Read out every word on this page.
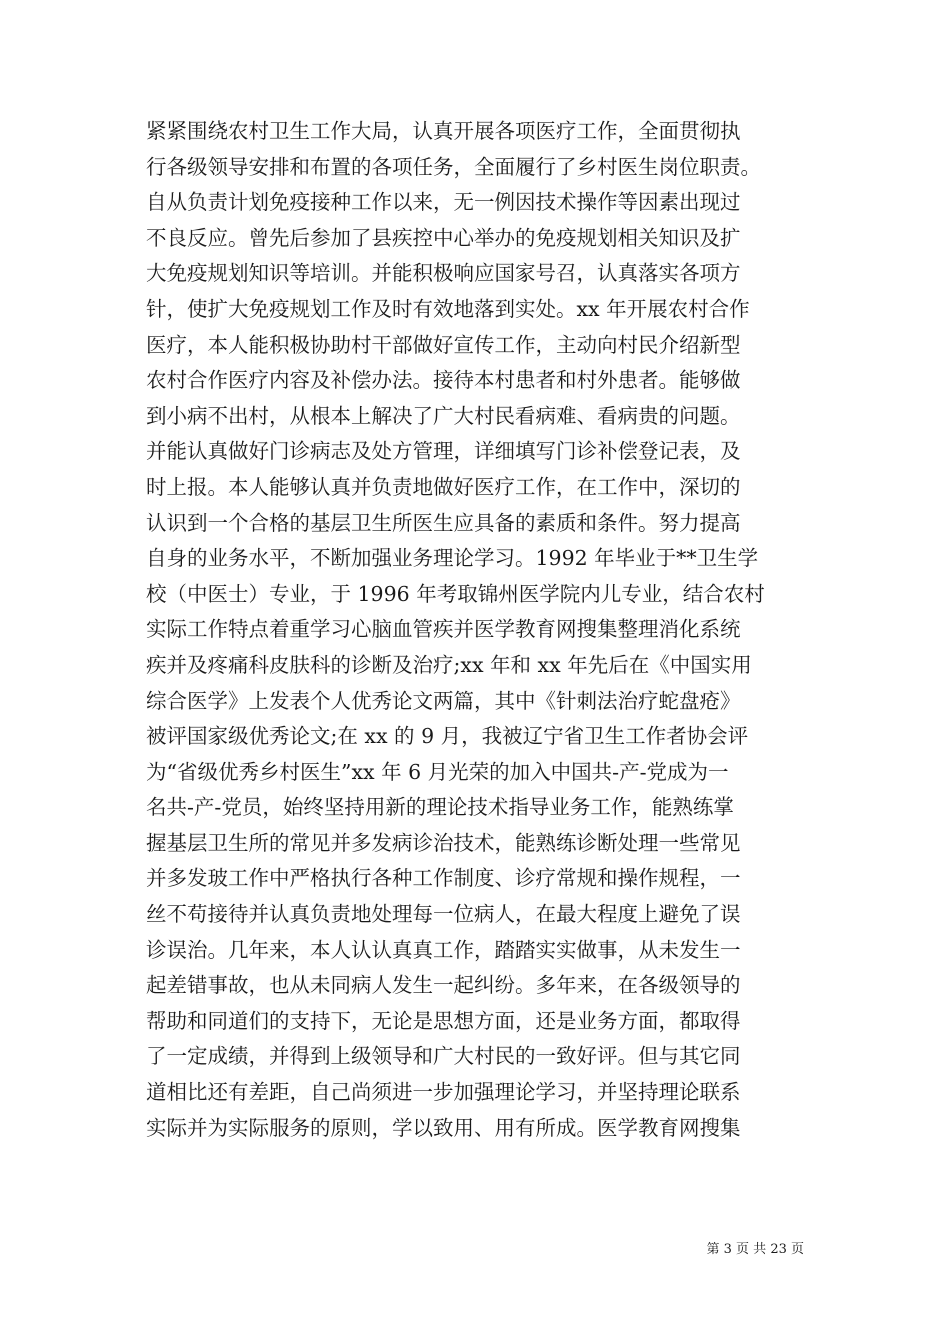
紧紧围绕农村卫生工作大局，认真开展各项医疗工作，全面贯彻执
行各级领导安排和布置的各项任务，全面履行了乡村医生岗位职责。
自从负责计划免疫接种工作以来，无一例因技术操作等因素出现过
不良反应。曾先后参加了县疾控中心举办的免疫规划相关知识及扩
大免疫规划知识等培训。并能积极响应国家号召，认真落实各项方
针，使扩大免疫规划工作及时有效地落到实处。xx 年开展农村合作
医疗，本人能积极协助村干部做好宣传工作，主动向村民介绍新型
农村合作医疗内容及补偿办法。接待本村患者和村外患者。能够做
到小病不出村，从根本上解决了广大村民看病难、看病贵的问题。
并能认真做好门诊病志及处方管理，详细填写门诊补偿登记表，及
时上报。本人能够认真并负责地做好医疗工作，在工作中，深切的
认识到一个合格的基层卫生所医生应具备的素质和条件。努力提高
自身的业务水平，不断加强业务理论学习。1992 年毕业于**卫生学
校（中医士）专业，于 1996 年考取锦州医学院内儿专业，结合农村
实际工作特点着重学习心脑血管疾并医学教育网搜集整理消化系统
疾并及疼痛科皮肤科的诊断及治疗;xx 年和 xx 年先后在《中国实用
综合医学》上发表个人优秀论文两篇，其中《针刺法治疗蛇盘疮》
被评国家级优秀论文;在 xx 的 9 月，我被辽宁省卫生工作者协会评
为“省级优秀乡村医生”xx 年 6 月光荣的加入中国共-产-党成为一
名共-产-党员，始终坚持用新的理论技术指导业务工作，能熟练掌
握基层卫生所的常见并多发病诊治技术，能熟练诊断处理一些常见
并多发玻工作中严格执行各种工作制度、诊疗常规和操作规程，一
丝不苟接待并认真负责地处理每一位病人，在最大程度上避免了误
诊误治。几年来，本人认认真真工作，踏踏实实做事，从未发生一
起差错事故，也从未同病人发生一起纠纷。多年来，在各级领导的
帮助和同道们的支持下，无论是思想方面，还是业务方面，都取得
了一定成绩，并得到上级领导和广大村民的一致好评。但与其它同
道相比还有差距，自己尚须进一步加强理论学习，并坚持理论联系
实际并为实际服务的原则，学以致用、用有所成。医学教育网搜集
第 3 页 共 23 页
